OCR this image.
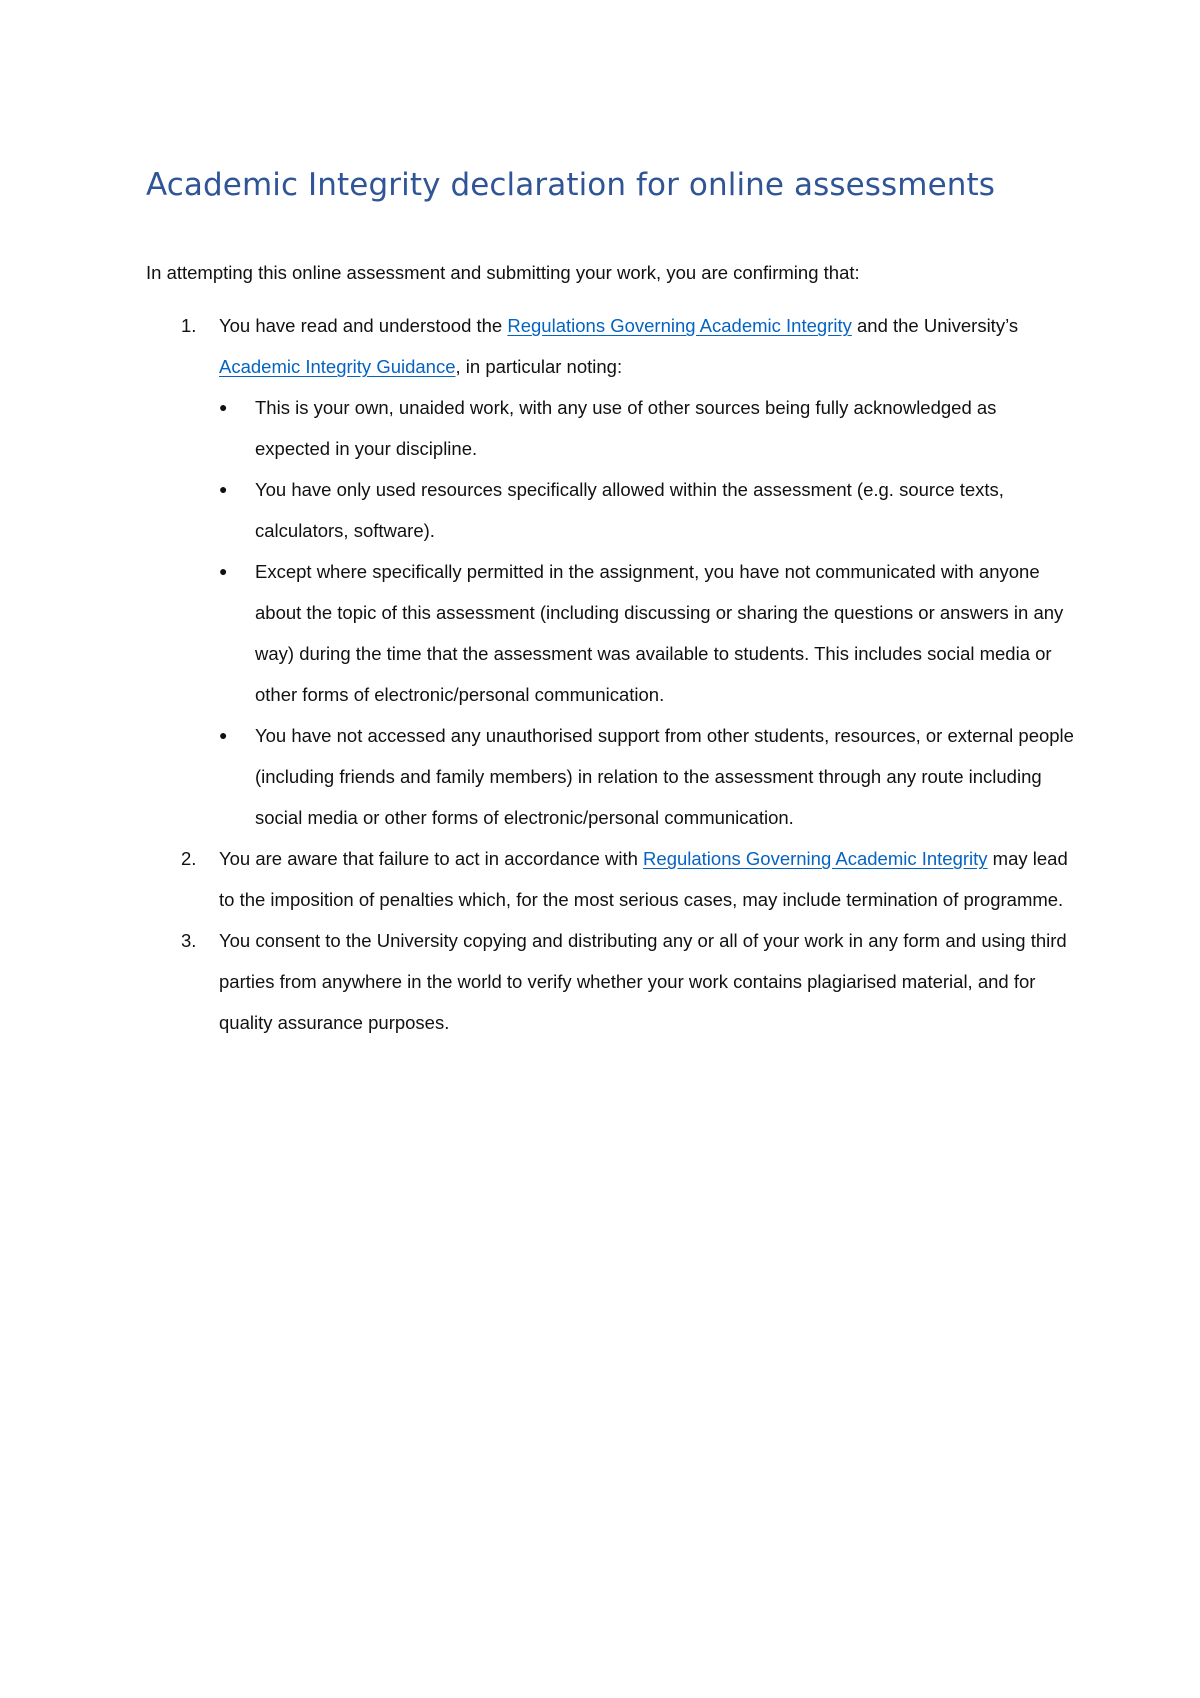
Academic Integrity declaration for online assessments

In attempting this online assessment and submitting your work, you are confirming that:

1. You have read and understood the Regulations Governing Academic Integrity and the University’s Academic Integrity Guidance, in particular noting:
● This is your own, unaided work, with any use of other sources being fully acknowledged as expected in your discipline.
● You have only used resources specifically allowed within the assessment (e.g. source texts, calculators, software).
● Except where specifically permitted in the assignment, you have not communicated with anyone about the topic of this assessment (including discussing or sharing the questions or answers in any way) during the time that the assessment was available to students. This includes social media or other forms of electronic/personal communication.
● You have not accessed any unauthorised support from other students, resources, or external people (including friends and family members) in relation to the assessment through any route including social media or other forms of electronic/personal communication.
2. You are aware that failure to act in accordance with Regulations Governing Academic Integrity may lead to the imposition of penalties which, for the most serious cases, may include termination of programme.
3. You consent to the University copying and distributing any or all of your work in any form and using third parties from anywhere in the world to verify whether your work contains plagiarised material, and for quality assurance purposes.
